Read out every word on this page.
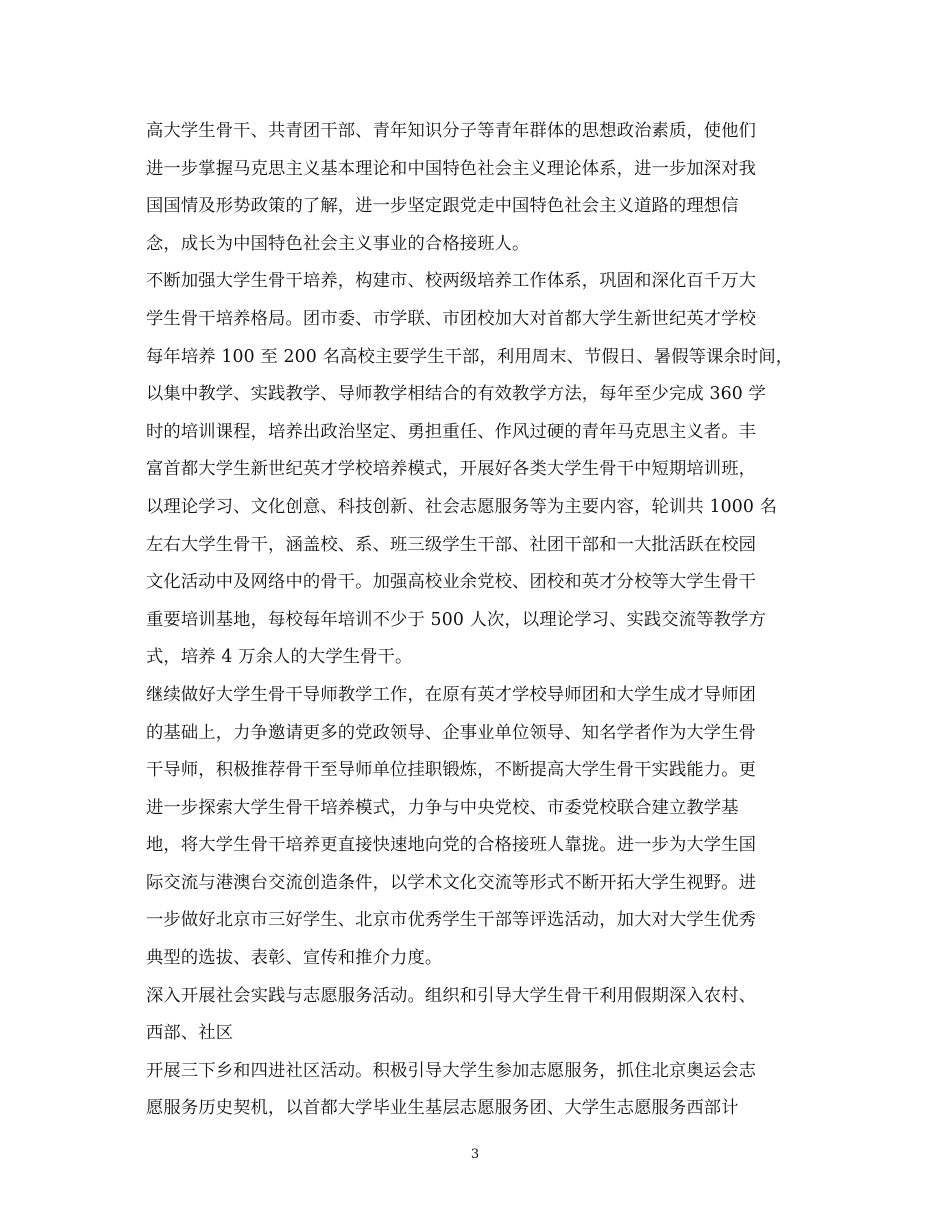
高大学生骨干、共青团干部、青年知识分子等青年群体的思想政治素质，使他们
进一步掌握马克思主义基本理论和中国特色社会主义理论体系，进一步加深对我
国国情及形势政策的了解，进一步坚定跟党走中国特色社会主义道路的理想信
念，成长为中国特色社会主义事业的合格接班人。
不断加强大学生骨干培养，构建市、校两级培养工作体系，巩固和深化百千万大
学生骨干培养格局。团市委、市学联、市团校加大对首都大学生新世纪英才学校
每年培养 100 至 200 名高校主要学生干部，利用周末、节假日、暑假等课余时间，
以集中教学、实践教学、导师教学相结合的有效教学方法，每年至少完成 360 学
时的培训课程，培养出政治坚定、勇担重任、作风过硬的青年马克思主义者。丰
富首都大学生新世纪英才学校培养模式，开展好各类大学生骨干中短期培训班，
以理论学习、文化创意、科技创新、社会志愿服务等为主要内容，轮训共 1000 名
左右大学生骨干，涵盖校、系、班三级学生干部、社团干部和一大批活跃在校园
文化活动中及网络中的骨干。加强高校业余党校、团校和英才分校等大学生骨干
重要培训基地，每校每年培训不少于 500 人次，以理论学习、实践交流等教学方
式，培养 4 万余人的大学生骨干。
继续做好大学生骨干导师教学工作，在原有英才学校导师团和大学生成才导师团
的基础上，力争邀请更多的党政领导、企事业单位领导、知名学者作为大学生骨
干导师，积极推荐骨干至导师单位挂职锻炼，不断提高大学生骨干实践能力。更
进一步探索大学生骨干培养模式，力争与中央党校、市委党校联合建立教学基
地，将大学生骨干培养更直接快速地向党的合格接班人靠拢。进一步为大学生国
际交流与港澳台交流创造条件，以学术文化交流等形式不断开拓大学生视野。进
一步做好北京市三好学生、北京市优秀学生干部等评选活动，加大对大学生优秀
典型的选拔、表彰、宣传和推介力度。
深入开展社会实践与志愿服务活动。组织和引导大学生骨干利用假期深入农村、
西部、社区
开展三下乡和四进社区活动。积极引导大学生参加志愿服务，抓住北京奥运会志
愿服务历史契机，以首都大学毕业生基层志愿服务团、大学生志愿服务西部计
3
